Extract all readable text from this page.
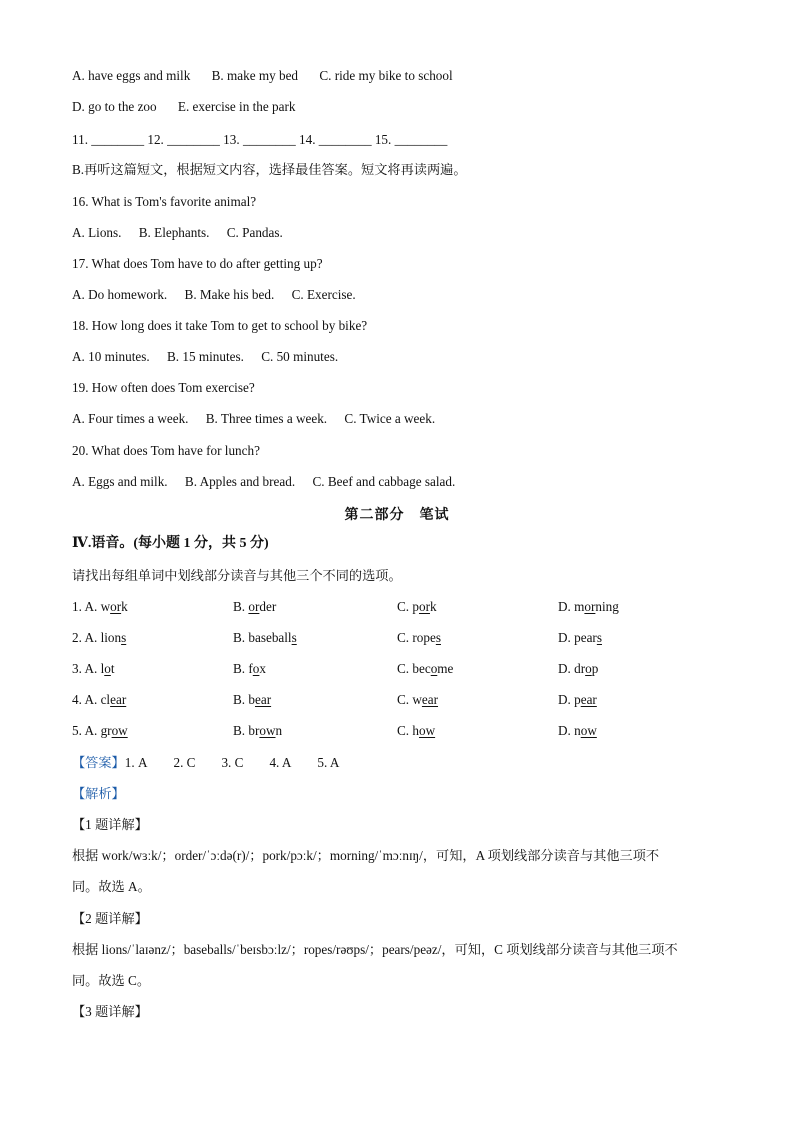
A. have eggs and milk B. make my bed C. ride my bike to school
D. go to the zoo E. exercise in the park
11. ________ 12. ________ 13. ________ 14. ________ 15. ________
B.再听这篇短文，根据短文内容，选择最佳答案。短文将再读两遍。
16. What is Tom's favorite animal?
A. Lions. B. Elephants. C. Pandas.
17. What does Tom have to do after getting up?
A. Do homework. B. Make his bed. C. Exercise.
18. How long does it take Tom to get to school by bike?
A. 10 minutes. B. 15 minutes. C. 50 minutes.
19. How often does Tom exercise?
A. Four times a week. B. Three times a week. C. Twice a week.
20. What does Tom have for lunch?
A. Eggs and milk. B. Apples and bread. C. Beef and cabbage salad.
第二部分　笔试
Ⅳ.语音。(每小题 1 分，共 5 分)
请找出每组单词中划线部分读音与其他三个不同的选项。
1. A. work	B. order	C. pork	D. morning
2. A. lions	B. baseballs	C. ropes	D. pears
3. A. lot	B. fox	C. become	D. drop
4. A. clear	B. bear	C. wear	D. pear
5. A. grow	B. brown	C. how	D. now
【答案】1. A 2. C 3. C 4. A 5. A
【解析】
【1 题详解】
根据 work/wɜːk/；order/ˈɔːdə(r)/；pork/pɔːk/；morning/ˈmɔːnɪŋ/，可知，A 项划线部分读音与其他三项不
同。故选 A。
【2 题详解】
根据 lions/ˈlaɪənz/；baseballs/ˈbeɪsbɔːlz/；ropes/rəʊps/；pears/peəz/，可知，C 项划线部分读音与其他三项不
同。故选 C。
【3 题详解】
